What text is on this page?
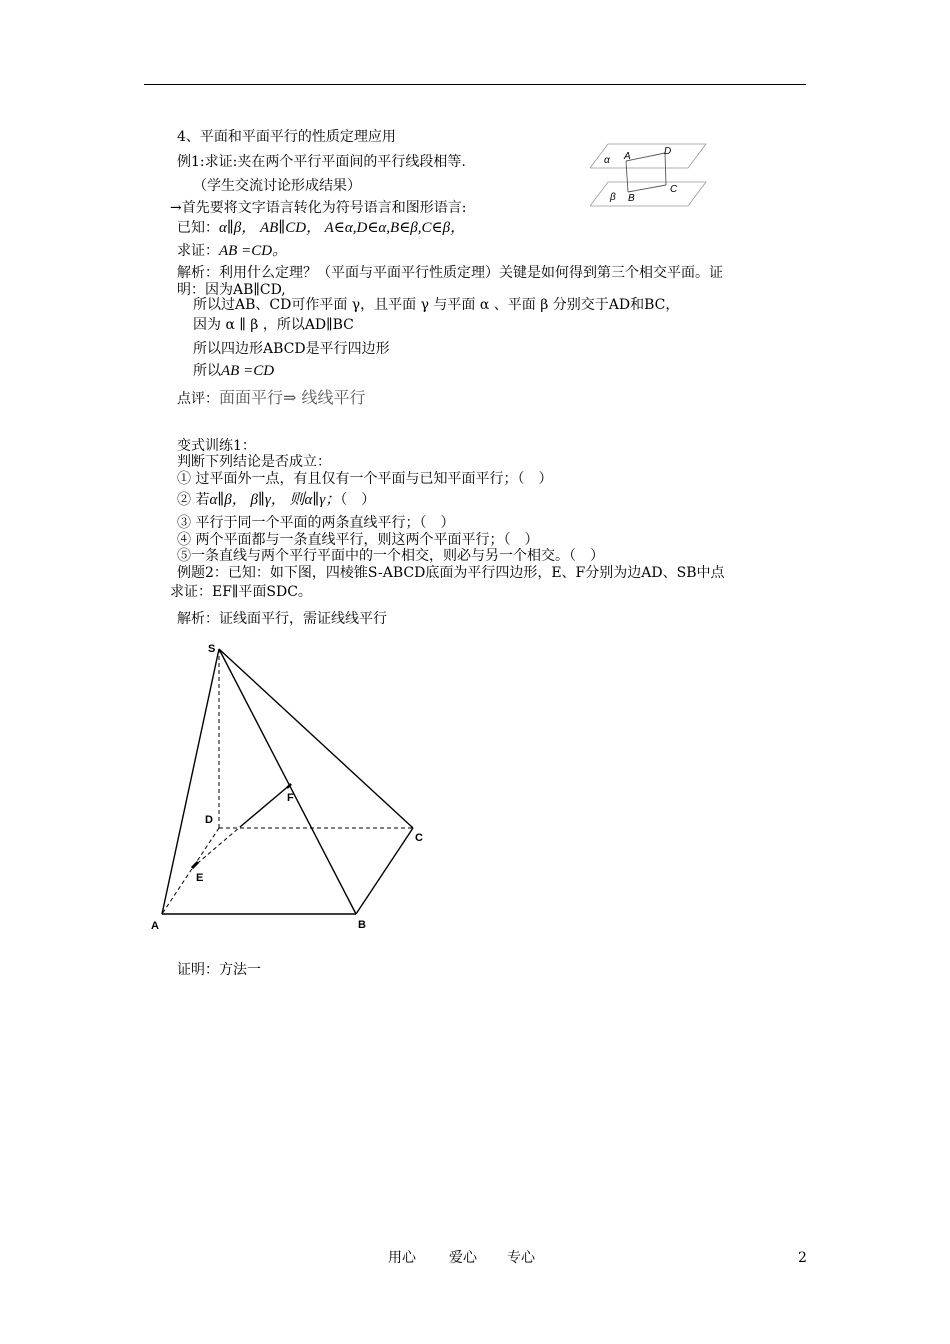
4、平面和平面平行的性质定理应用
例1:求证:夹在两个平行平面间的平行线段相等.
（学生交流讨论形成结果）
→首先要将文字语言转化为符号语言和图形语言:
已知：α∥β， AB∥CD， A∈α,D∈α,B∈β,C∈β，
求证：AB =CD。
解析：利用什么定理？（平面与平面平行性质定理）关键是如何得到第三个相交平面。证
明：因为AB∥CD,
所以过AB、CD可作平面 γ，且平面 γ 与平面 α 、平面 β 分别交于AD和BC，
因为 α ∥ β ，所以AD∥BC
所以四边形ABCD是平行四边形
所以AB =CD
点评：面面平行⇒ 线线平行
α A	D
β B
C
变式训练1：
判断下列结论是否成立：
① 过平面外一点，有且仅有一个平面与已知平面平行；（　）
② 若α∥β， β∥γ， 则α∥γ；（　）
③ 平行于同一个平面的两条直线平行；（　）
④ 两个平面都与一条直线平行，则这两个平面平行；（　）
⑤一条直线与两个平行平面中的一个相交，则必与另一个相交。（　）
例题2：已知：如下图，四棱锥S-ABCD底面为平行四边形，E、F分别为边AD、SB中点
求证：EF∥平面SDC。
解析：证线面平行，需证线线平行
S
F
D
C
E
A	B
证明：方法一
用心 爱心 专心	2
